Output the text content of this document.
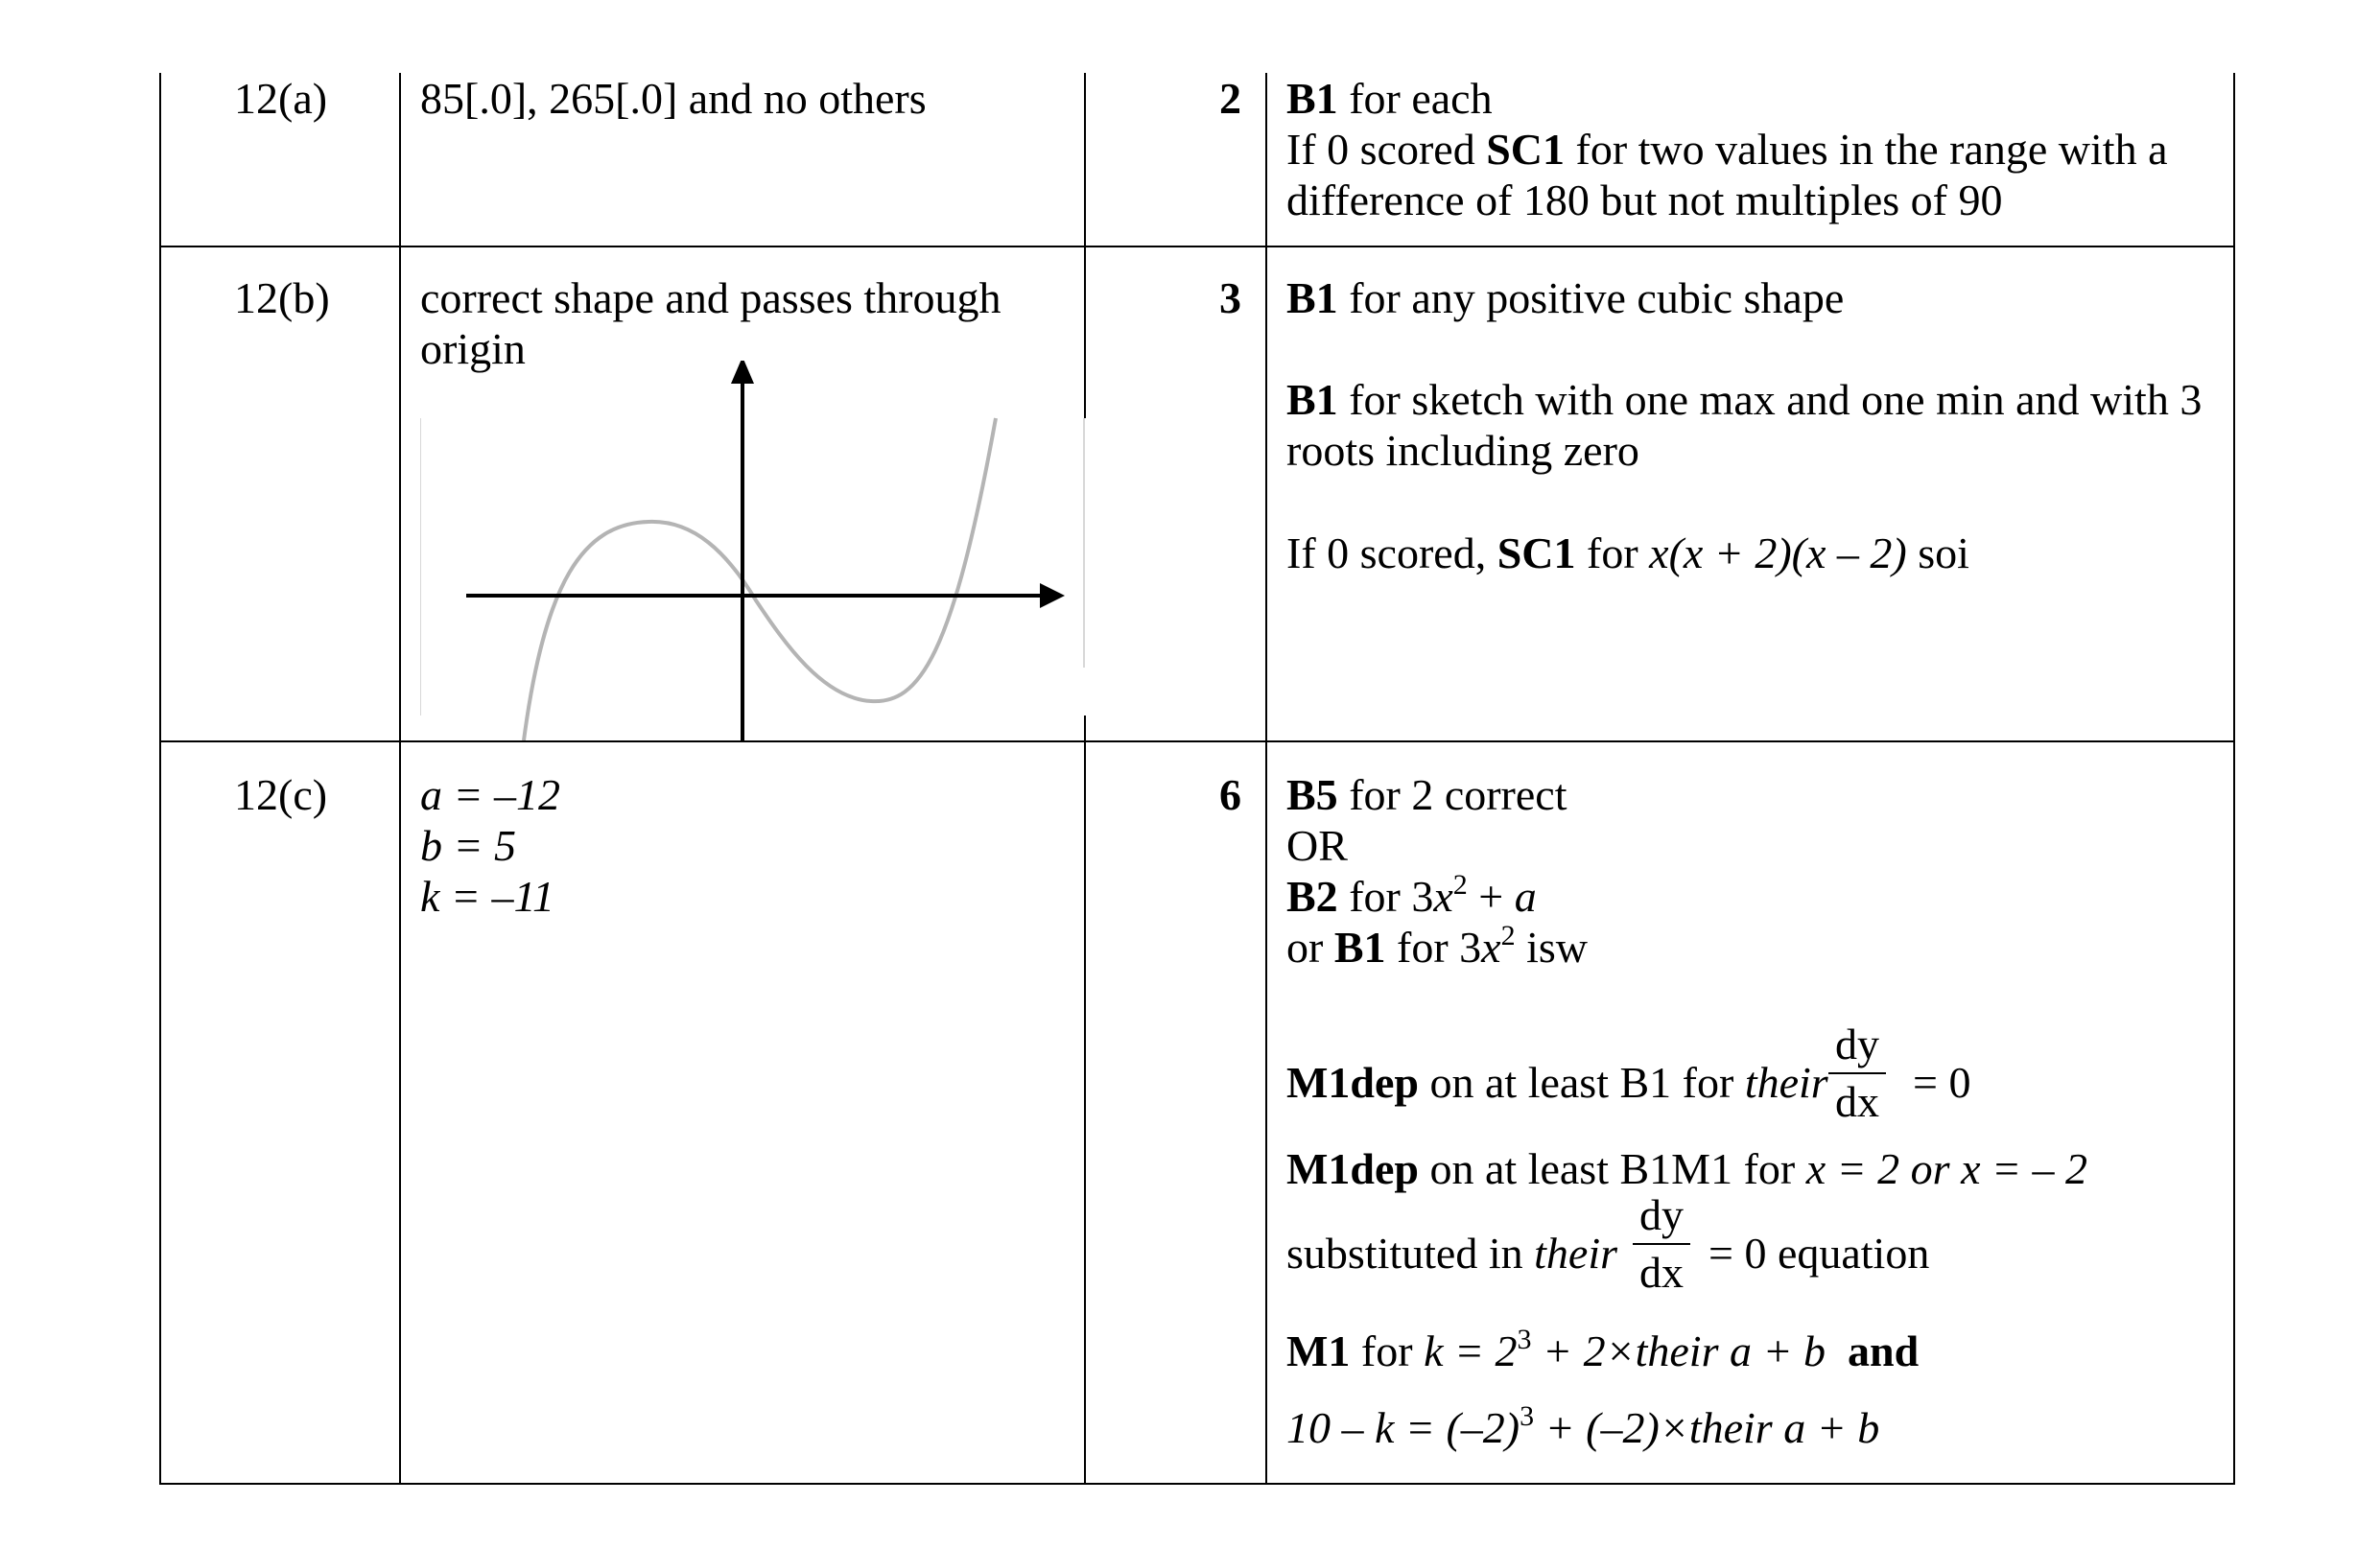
12(a) 85[.0], 265[.0] and no others	2 B1 for each
If 0 scored SC1 for two values in the range with a
difference of 180 but not multiples of 90
12(b) correct shape and passes through
origin
3 B1 for any positive cubic shape
B1 for sketch with one max and one min and with 3
roots including zero
If 0 scored, SC1 for x(x + 2)(x – 2) soi
12(c) a = –12
b = 5
k = –11
6 B5 for 2 correct
OR
B2 for $3x^2 + a$
or B1 for $3x^2$ isw
M1dep on at least B1 for their
dy
dx = 0
M1dep on at least B1M1 for x = 2 or x = – 2
substituted in their
dy
dx = 0 equation
M1 for $k = 2^3$ + 2×their a + b and
$10 - k = (-2)^3$ + (–2)×their a + b
